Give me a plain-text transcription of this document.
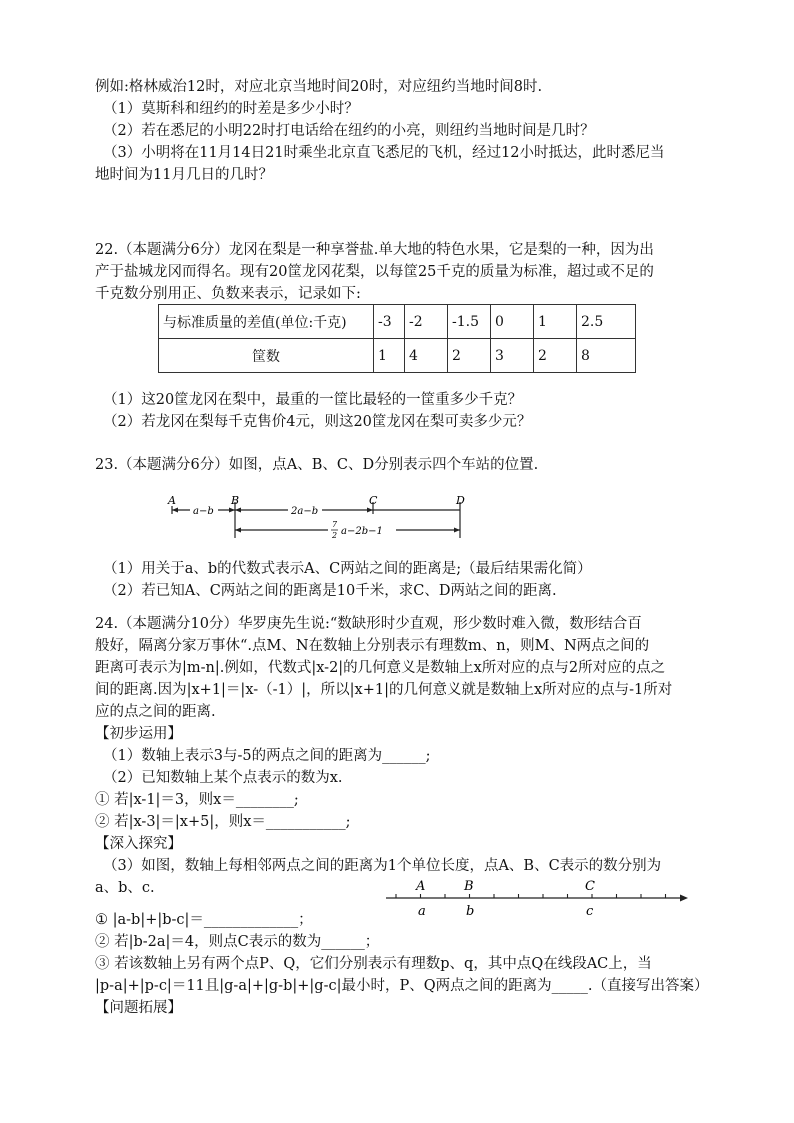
例如:格林威治12时，对应北京当地时间20时，对应纽约当地时间8时.
（1）莫斯科和纽约的时差是多少小时？
（2）若在悉尼的小明22时打电话给在纽约的小亮，则纽约当地时间是几时？
（3）小明将在11月14日21时乘坐北京直飞悉尼的飞机，经过12小时抵达，此时悉尼当
地时间为11月几日的几时？
22.（本题满分6分）龙冈在梨是一种享誉盐.单大地的特色水果，它是梨的一种，因为出
产于盐城龙冈而得名。现有20筐龙冈花梨，以每筐25千克的质量为标准，超过或不足的
千克数分别用正、负数来表示，记录如下:
与标准质量的差值(单位:千克)	-3	-2	-1.5	0	1	2.5
筐数	1	4	2	3	2	8
（1）这20筐龙冈在梨中，最重的一筐比最轻的一筐重多少千克？
（2）若龙冈在梨每千克售价4元，则这20筐龙冈在梨可卖多少元？
23.（本题满分6分）如图，点A、B、C、D分别表示四个车站的位置.
A	B	C	D
a−b	2a−b
7
2 a−2b−1
（1）用关于a、b的代数式表示A、C两站之间的距离是;（最后结果需化简）
（2）若已知A、C两站之间的距离是10千米，求C、D两站之间的距离.
24.（本题满分10分）华罗庚先生说:“数缺形时少直观，形少数时难入微，数形结合百
般好，隔离分家万事休“.点M、N在数轴上分别表示有理数m、n，则M、N两点之间的
距离可表示为|m-n|.例如，代数式|x-2|的几何意义是数轴上x所对应的点与2所对应的点之
间的距离.因为|x+1|＝|x-（-1）|，所以|x+1|的几何意义就是数轴上x所对应的点与-1所对
应的点之间的距离.
【初步运用】
（1）数轴上表示3与-5的两点之间的距离为______;
（2）已知数轴上某个点表示的数为x.
① 若|x-1|＝3，则x＝________;
② 若|x-3|＝|x+5|，则x＝___________;
【深入探究】
（3）如图，数轴上每相邻两点之间的距离为1个单位长度，点A、B、C表示的数分别为
a、b、c.	A	B	C
a	b	c
① |a-b|+|b-c|＝_____________；
② 若|b-2a|＝4，则点C表示的数为______；
③ 若该数轴上另有两个点P、Q，它们分别表示有理数p、q，其中点Q在线段AC上，当
|p-a|+|p-c|＝11且|g-a|+|g-b|+|g-c|最小时，P、Q两点之间的距离为_____.（直接写出答案）
【问题拓展】
